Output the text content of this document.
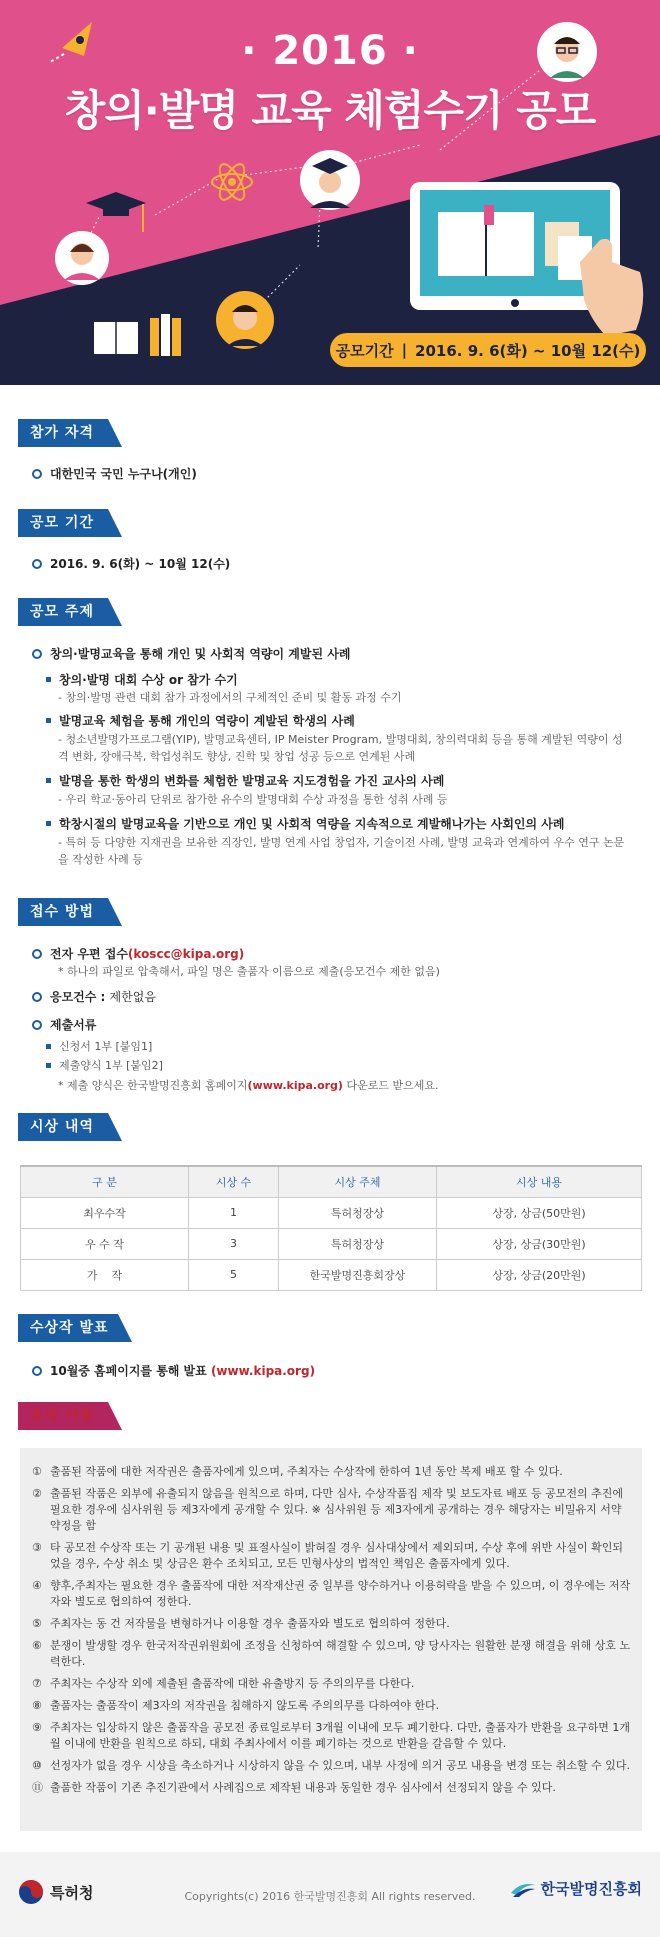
· 2016 ·
창의·발명 교육 체험수기 공모
공모기간 | 2016. 9. 6(화) ~ 10월 12(수)
참가 자격
대한민국 국민 누구나(개인)
공모 기간
2016. 9. 6(화) ~ 10월 12(수)
공모 주제
창의·발명교육을 통해 개인 및 사회적 역량이 계발된 사례
창의·발명 대회 수상 or 참가 수기
- 창의·발명 관련 대회 참가 과정에서의 구체적인 준비 및 활동 과정 수기
발명교육 체험을 통해 개인의 역량이 계발된 학생의 사례
- 청소년발명가프로그램(YIP), 발명교육센터, IP Meister Program, 발명대회, 창의력대회 등을 통해 계발된 역량이 성격 변화, 장애극복, 학업성취도 향상, 진학 및 창업 성공 등으로 연계된 사례
발명을 통한 학생의 변화를 체험한 발명교육 지도경험을 가진 교사의 사례
- 우리 학교·동아리 단위로 참가한 유수의 발명대회 수상 과정을 통한 성취 사례 등
학창시절의 발명교육을 기반으로 개인 및 사회적 역량을 지속적으로 계발해나가는 사회인의 사례
- 특허 등 다양한 지재권을 보유한 직장인, 발명 연계 사업 창업자, 기술이전 사례, 발명 교육과 연계하여 우수 연구 논문을 작성한 사례 등
접수 방법
전자 우편 접수(koscc@kipa.org)
* 하나의 파일로 압축해서, 파일 명은 출품자 이름으로 제출(응모건수 제한 없음)
응모건수 : 제한없음
제출서류
신청서 1부 [붙임1]
제출양식 1부 [붙임2]
* 제출 양식은 한국발명진흥회 홈페이지(www.kipa.org) 다운로드 받으세요.
시상 내역
구 분	시상 수	시상 주체	시상 내용
최우수작	1	특허청장상	상장, 상금(50만원)
우 수 작	3	특허청장상	상장, 상금(30만원)
가    작	5	한국발명진흥회장상	상장, 상금(20만원)
수상작 발표
10월중 홈페이지를 통해 발표 (www.kipa.org)
유의 사항
① 출품된 작품에 대한 저작권은 출품자에게 있으며, 주최자는 수상작에 한하여 1년 동안 복제 배포 할 수 있다.
② 출품된 작품은 외부에 유출되지 않음을 원칙으로 하며, 다만 심사, 수상작품집 제작 및 보도자료 배포 등 공모전의 추진에 필요한 경우에 심사위원 등 제3자에게 공개할 수 있다. ※ 심사위원 등 제3자에게 공개하는 경우 해당자는 비밀유지 서약 약정을 함
③ 타 공모전 수상작 또는 기 공개된 내용 및 표절사실이 밝혀질 경우 심사대상에서 제외되며, 수상 후에 위반 사실이 확인되었을 경우, 수상 취소 및 상금은 환수 조치되고, 모든 민형사상의 법적인 책임은 출품자에게 있다.
④ 향후,주최자는 필요한 경우 출품작에 대한 저작재산권 중 일부를 양수하거나 이용허락을 받을 수 있으며, 이 경우에는 저작자와 별도로 협의하여 정한다.
⑤ 주최자는 동 건 저작물을 변형하거나 이용할 경우 출품자와 별도로 협의하여 정한다.
⑥ 분쟁이 발생할 경우 한국저작권위원회에 조정을 신청하여 해결할 수 있으며, 양 당사자는 원활한 분쟁 해결을 위해 상호 노력한다.
⑦ 주최자는 수상작 외에 제출된 출품작에 대한 유출방지 등 주의의무를 다한다.
⑧ 출품자는 출품작이 제3자의 저작권을 침해하지 않도록 주의의무를 다하여야 한다.
⑨ 주최자는 입상하지 않은 출품작을 공모전 종료일로부터 3개월 이내에 모두 폐기한다. 다만, 출품자가 반환을 요구하면 1개월 이내에 반환을 원칙으로 하되, 대회 주최사에서 이를 폐기하는 것으로 반환을 갈음할 수 있다.
⑩ 선정자가 없을 경우 시상을 축소하거나 시상하지 않을 수 있으며, 내부 사정에 의거 공모 내용을 변경 또는 취소할 수 있다.
⑪ 출품한 작품이 기존 추진기관에서 사례집으로 제작된 내용과 동일한 경우 심사에서 선정되지 않을 수 있다.
특허청	Copyrights(c) 2016 한국발명진흥회 All rights reserved.	한국발명진흥회
